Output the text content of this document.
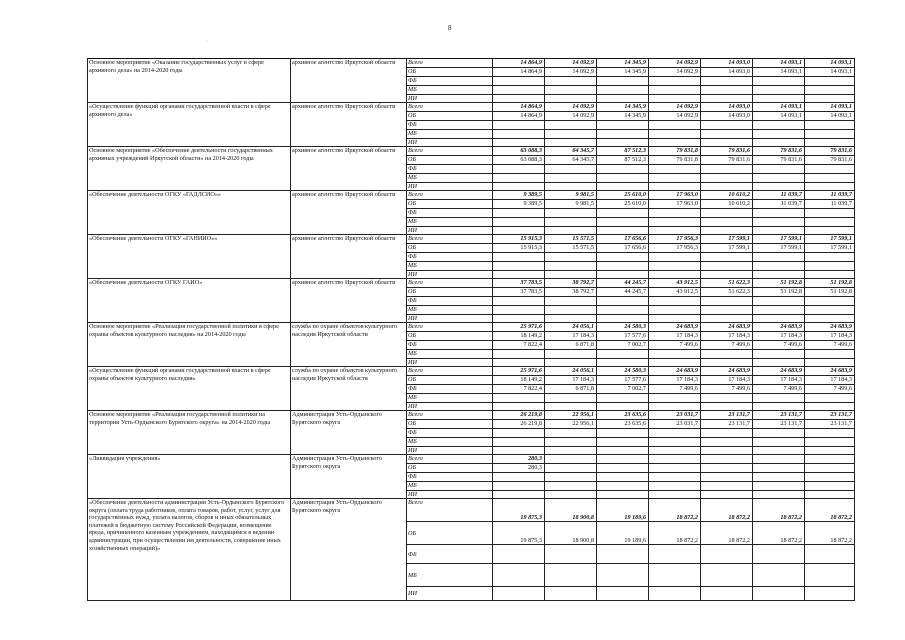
8
·
Основное мероприятие «Оказание государственных услуг в сфере архивного дела» на 2014-2020 годы	архивное агентство Иркутской области	Всего	14 864,9	14 092,9	14 345,9	14 092,9	14 093,0	14 093,1	14 093,1
		ОБ	14 864,9	14 092,9	14 345,9	14 092,9	14 093,0	14 093,1	14 093,1
		ФБ							
		МБ							
		ИИ							
«Осуществление функций органами государственной власти в сфере архивного дела»	архивное агентство Иркутской области	Всего	14 864,9	14 092,9	14 345,9	14 092,9	14 093,0	14 093,1	14 093,1
		ОБ	14 864,9	14 092,9	14 345,9	14 092,9	14 093,0	14 093,1	14 093,1
		ФБ							
		МБ							
		ИИ							
Основное мероприятие «Обеспечение деятельности государственных архивных учреждений Иркутской области» на 2014-2020 годы	архивное агентство Иркутской области	Всего	63 088,3	64 345,7	87 512,3	79 831,8	79 831,6	79 831,6	79 831,6
		ОБ	63 088,3	64 345,7	87 512,3	79 831,8	79 831,6	79 831,6	79 831,6
		ФБ							
		МБ							
		ИИ							
«Обеспечение деятельности ОГКУ «ГАДЛСИО»»	архивное агентство Иркутской области	Всего	9 389,5	9 981,5	25 610,0	17 963,0	10 610,2	11 039,7	11 039,7
		ОБ	9 389,5	9 981,5	25 610,0	17 963,0	10 610,2	11 039,7	11 039,7
		ФБ							
		МБ							
		ИИ							
«Обеспечение деятельности ОГКУ «ГАНИИО»»	архивное агентство Иркутской области	Всего	15 915,3	15 571,5	17 656,6	17 956,3	17 599,1	17 599,1	17 599,1
		ОБ	15 915,3	15 571,5	17 656,6	17 956,3	17 599,1	17 599,1	17 599,1
		ФБ							
		МБ							
		ИИ							
«Обеспечение деятельности ОГКУ ГАИО»	архивное агентство Иркутской области	Всего	37 783,5	38 792,7	44 245,7	43 912,5	51 622,3	51 192,8	51 192,8
		ОБ	37 783,5	38 792,7	44 245,7	43 912,5	51 622,3	51 192,8	51 192,8
		ФБ							
		МБ							
		ИИ							
Основное мероприятие «Реализация государственной политики в сфере охраны объектов культурного наследия» на 2014-2020 годы	служба по охране объектов культурного наследия Иркутской области	Всего	25 971,6	24 056,1	24 580,3	24 683,9	24 683,9	24 683,9	24 683,9
		ОБ	18 149,2	17 184,3	17 577,6	17 184,3	17 184,3	17 184,3	17 184,3
		ФБ	7 822,4	6 871,8	7 002,7	7 499,6	7 499,6	7 499,6	7 499,6
		МБ							
		ИИ							
«Осуществление функций органами государственной власти в сфере охраны объектов культурного наследия»	служба по охране объектов культурного наследия Иркутской области	Всего	25 971,6	24 056,1	24 580,3	24 683,9	24 683,9	24 683,9	24 683,9
		ОБ	18 149,2	17 184,3	17 577,6	17 184,3	17 184,3	17 184,3	17 184,3
		ФБ	7 822,4	6 871,8	7 002,7	7 499,6	7 499,6	7 499,6	7 499,6
		МБ							
		ИИ							
Основное мероприятие «Реализация государственной политики на территории Усть-Ордынского Бурятского округа» на 2014-2020 годы	Администрация Усть-Ордынского Бурятского округа	Всего	26 219,8	22 956,1	23 635,6	23 031,7	23 131,7	23 131,7	23 131,7
		ОБ	26 219,8	22 956,1	23 635,6	23 031,7	23 131,7	23 131,7	23 131,7
		ФБ							
		МБ							
		ИИ							
«Ликвидация учреждения»	Администрация Усть-Ордынского Бурятского округа	Всего	280,3						
		ОБ	280,3						
		ФБ							
		МБ							
		ИИ							
«Обеспечение деятельности администрации Усть-Ордынского Бурятского округа (оплата труда работников, оплата товаров, работ, услуг, услуг для государственных нужд, уплата налогов, сборов и иных обязательных платежей в бюджетную систему Российской Федерации, возмещение вреда, причиненного казенным учреждением, находящимся в ведении администрации, при осуществлении им деятельности, совершение иных хозяйственных операций)»	Администрация Усть-Ордынского Бурятского округа	Всего	19 875,3	18 900,8	19 189,6	18 872,2	18 872,2	18 872,2	18 872,2
		ОБ	19 875,3	18 900,8	19 189,6	18 872,2	18 872,2	18 872,2	18 872,2
		ФБ							
		МБ							
		ИИ							
